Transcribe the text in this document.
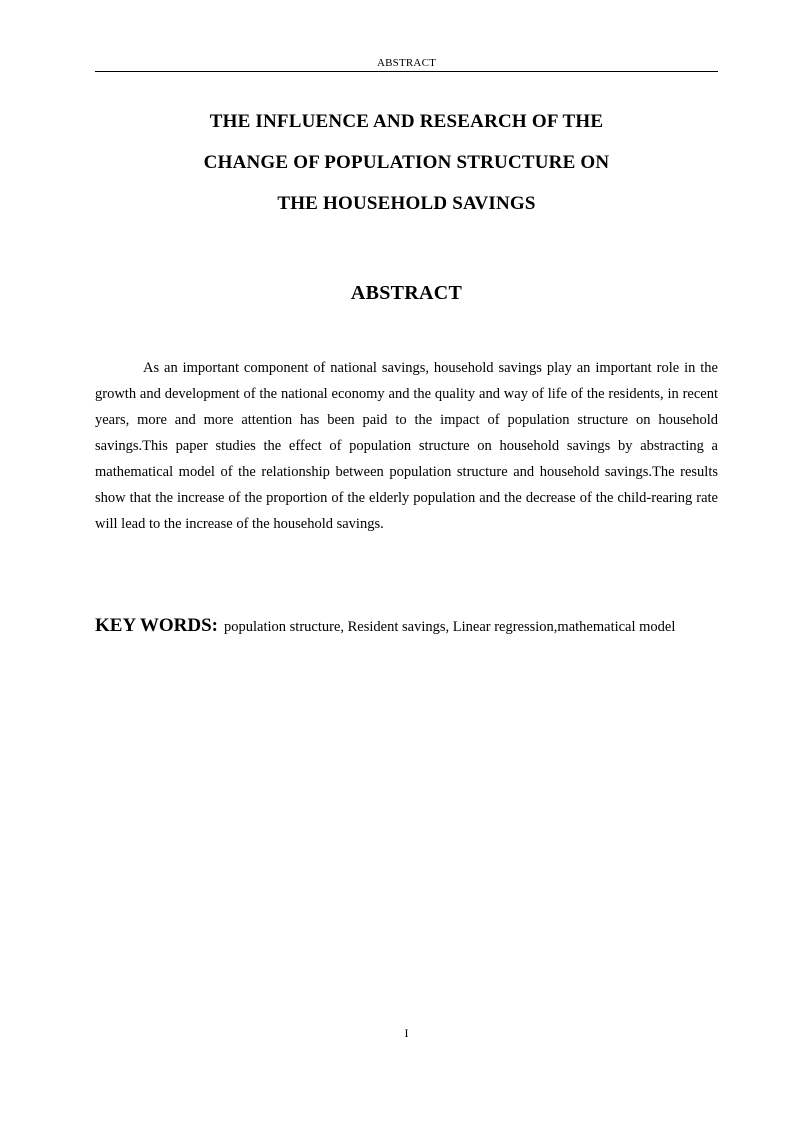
ABSTRACT
THE INFLUENCE AND RESEARCH OF THE
CHANGE OF POPULATION STRUCTURE ON
THE HOUSEHOLD SAVINGS
ABSTRACT

As an important component of national savings, household savings play an important role in the growth and development of the national economy and the quality and way of life of the residents, in recent years, more and more attention has been paid to the impact of population structure on household savings.This paper studies the effect of population structure on household savings by abstracting a mathematical model of the relationship between population structure and household savings.The results show that the increase of the proportion of the elderly population and the decrease of the child-rearing rate will lead to the increase of the household savings.

KEY WORDS: population structure, Resident savings, Linear regression,mathematical model

I
